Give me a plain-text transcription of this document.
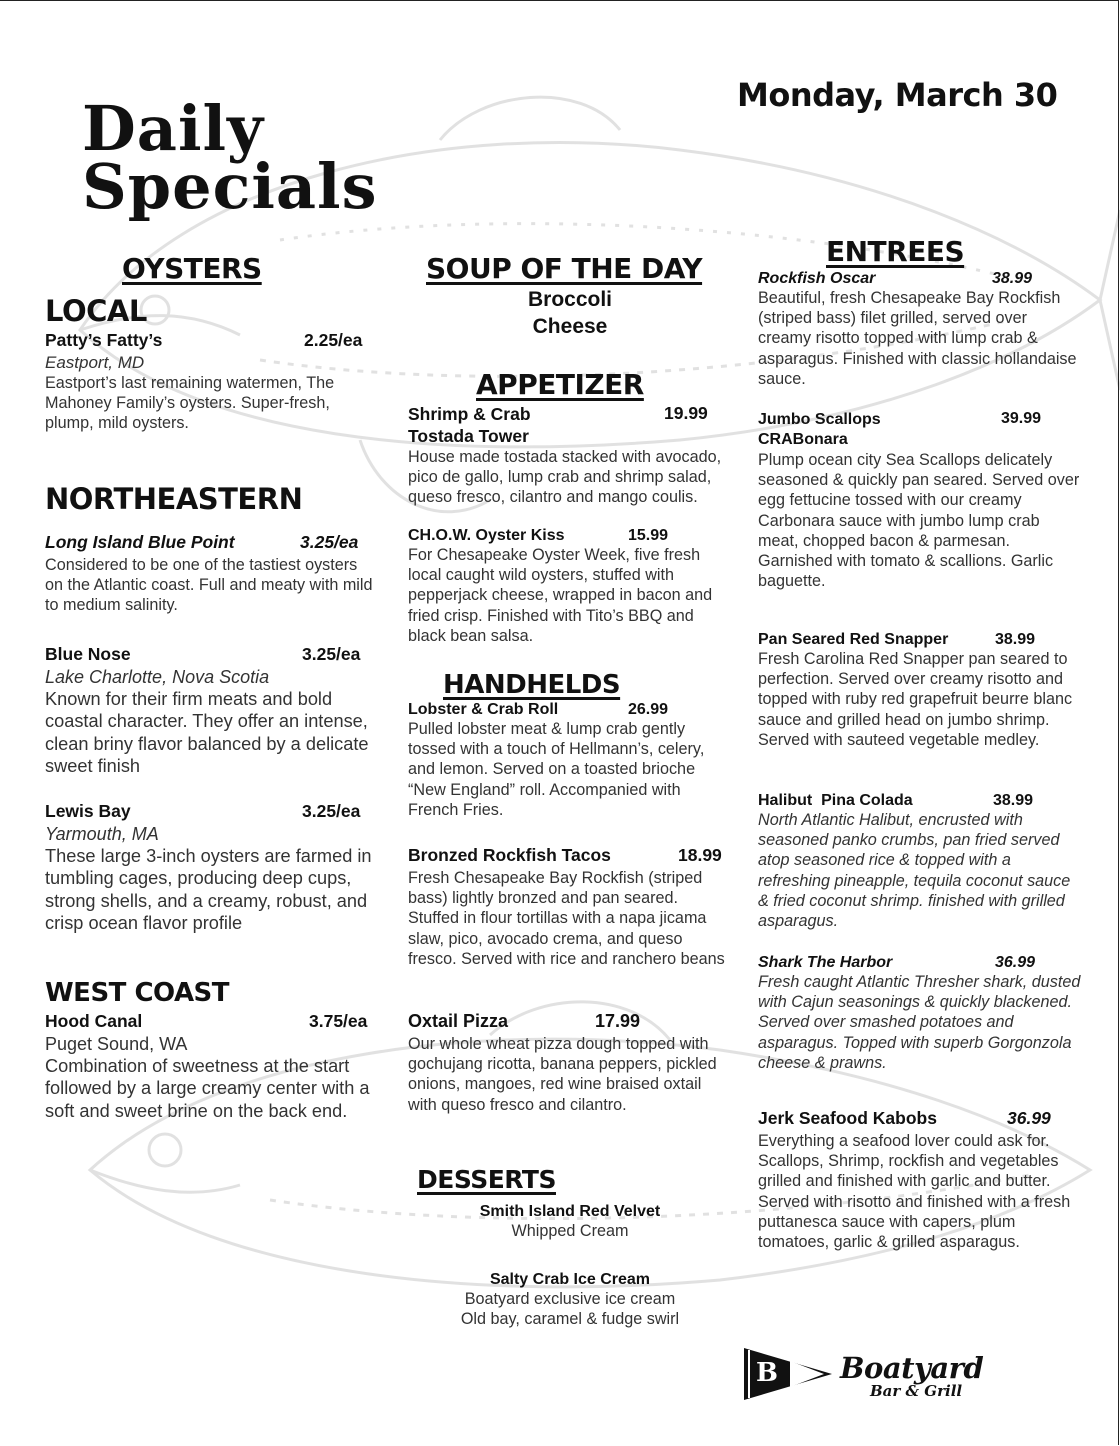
Daily
Specials
Monday, March 30
OYSTERS
LOCAL
Patty’s Fatty’s	2.25/ea
Eastport, MD
Eastport’s last remaining watermen, The Mahoney Family’s oysters. Super-fresh, plump, mild oysters.
NORTHEASTERN
Long Island Blue Point	3.25/ea
Considered to be one of the tastiest oysters on the Atlantic coast. Full and meaty with mild to medium salinity.
Blue Nose	3.25/ea
Lake Charlotte, Nova Scotia
Known for their firm meats and bold coastal character. They offer an intense, clean briny flavor balanced by a delicate sweet finish
Lewis Bay	3.25/ea
Yarmouth, MA
These large 3-inch oysters are farmed in tumbling cages, producing deep cups, strong shells, and a creamy, robust, and crisp ocean flavor profile
WEST COAST
Hood Canal	3.75/ea
Puget Sound, WA
Combination of sweetness at the start followed by a large creamy center with a soft and sweet brine on the back end.
SOUP OF THE DAY
Broccoli
Cheese
APPETIZER
Shrimp & Crab
Tostada Tower
19.99
House made tostada stacked with avocado, pico de gallo, lump crab and shrimp salad, queso fresco, cilantro and mango coulis.
CH.O.W. Oyster Kiss	15.99
For Chesapeake Oyster Week, five fresh local caught wild oysters, stuffed with pepperjack cheese, wrapped in bacon and fried crisp. Finished with Tito’s BBQ and black bean salsa.
HANDHELDS
Lobster & Crab Roll	26.99
Pulled lobster meat & lump crab gently tossed with a touch of Hellmann’s, celery, and lemon. Served on a toasted brioche “New England” roll. Accompanied with French Fries.
Bronzed Rockfish Tacos	18.99
Fresh Chesapeake Bay Rockfish (striped bass) lightly bronzed and pan seared. Stuffed in flour tortillas with a napa jicama slaw, pico, avocado crema, and queso fresco. Served with rice and ranchero beans
Oxtail Pizza	17.99
Our whole wheat pizza dough topped with gochujang ricotta, banana peppers, pickled onions, mangoes, red wine braised oxtail with queso fresco and cilantro.
DESSERTS
Smith Island Red Velvet
Whipped Cream
Salty Crab Ice Cream
Boatyard exclusive ice cream
Old bay, caramel & fudge swirl
ENTREES
Rockfish Oscar	38.99
Beautiful, fresh Chesapeake Bay Rockfish (striped bass) filet grilled, served over creamy risotto topped with lump crab & asparagus. Finished with classic hollandaise sauce.
Jumbo Scallops
CRABonara
39.99
Plump ocean city Sea Scallops delicately seasoned & quickly pan seared. Served over egg fettucine tossed with our creamy Carbonara sauce with jumbo lump crab meat, chopped bacon & parmesan. Garnished with tomato & scallions. Garlic baguette.
Pan Seared Red Snapper	38.99
Fresh Carolina Red Snapper pan seared to perfection. Served over creamy risotto and topped with ruby red grapefruit beurre blanc sauce and grilled head on jumbo shrimp. Served with sauteed vegetable medley.
Halibut  Pina Colada	38.99
North Atlantic Halibut, encrusted with seasoned panko crumbs, pan fried served atop seasoned rice & topped with a refreshing pineapple, tequila coconut sauce & fried coconut shrimp. finished with grilled asparagus.
Shark The Harbor	36.99
Fresh caught Atlantic Thresher shark, dusted with Cajun seasonings & quickly blackened.   Served over smashed potatoes and asparagus. Topped with superb Gorgonzola cheese & prawns.
Jerk Seafood Kabobs	36.99
Everything a seafood lover could ask for. Scallops, Shrimp, rockfish and vegetables grilled and finished with garlic and butter. Served with risotto and finished with a fresh puttanesca sauce with capers, plum tomatoes, garlic & grilled asparagus.
B Boatyard
Bar & Grill
